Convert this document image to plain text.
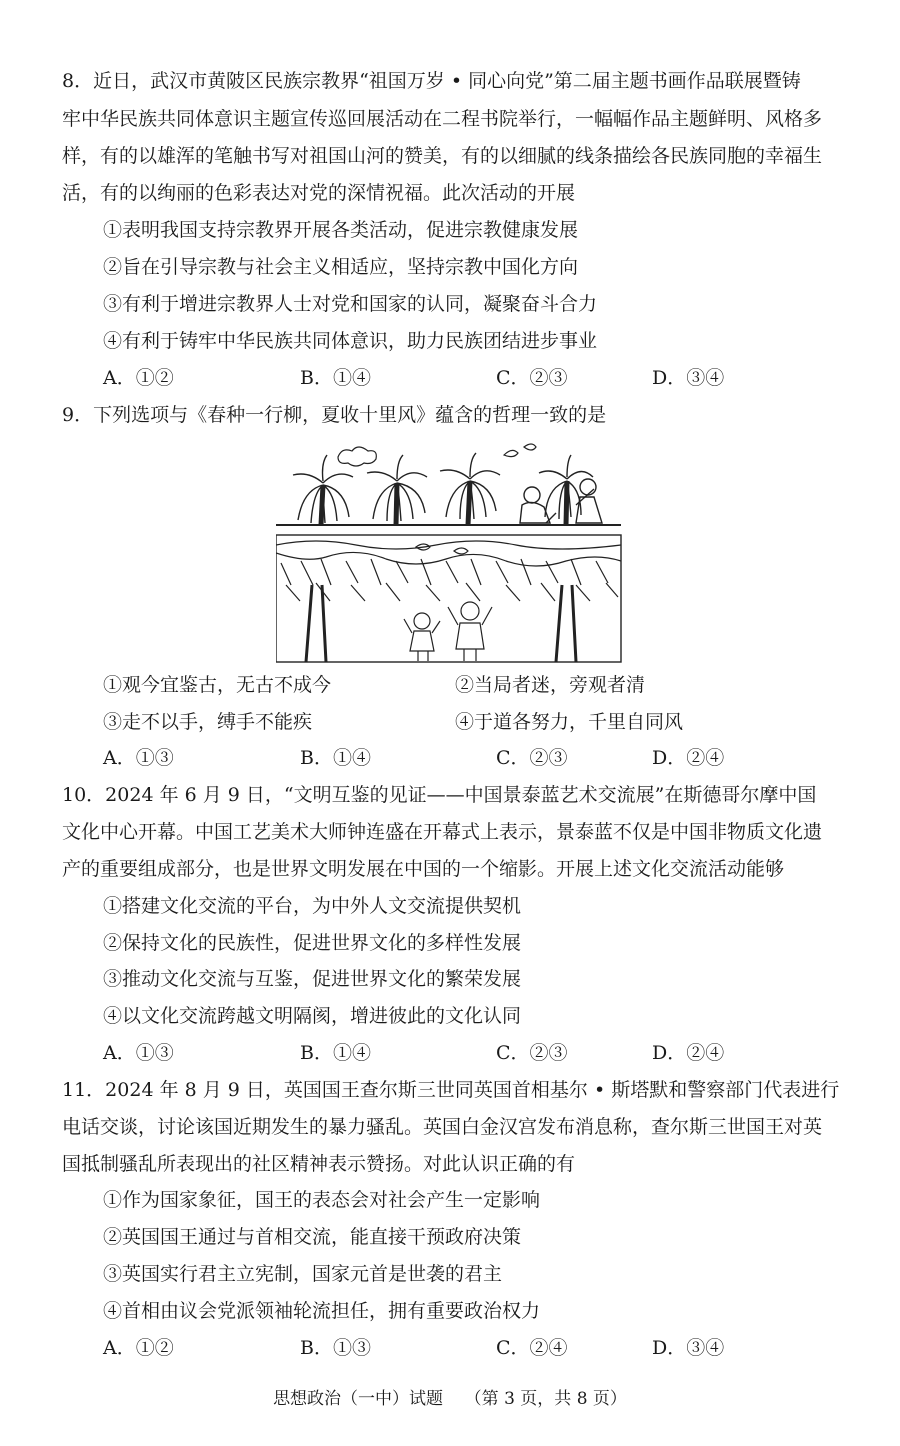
8．近日，武汉市黄陂区民族宗教界“祖国万岁 • 同心向党”第二届主题书画作品联展暨铸
牢中华民族共同体意识主题宣传巡回展活动在二程书院举行，一幅幅作品主题鲜明、风格多
样，有的以雄浑的笔触书写对祖国山河的赞美，有的以细腻的线条描绘各民族同胞的幸福生
活，有的以绚丽的色彩表达对党的深情祝福。此次活动的开展
①表明我国支持宗教界开展各类活动，促进宗教健康发展
②旨在引导宗教与社会主义相适应，坚持宗教中国化方向
③有利于增进宗教界人士对党和国家的认同，凝聚奋斗合力
④有利于铸牢中华民族共同体意识，助力民族团结进步事业
A．①②	B．①④	C．②③	D．③④
9．下列选项与《春种一行柳，夏收十里风》蕴含的哲理一致的是
①观今宜鉴古，无古不成今	②当局者迷，旁观者清
③走不以手，缚手不能疾	④于道各努力，千里自同风
A．①③	B．①④	C．②③	D．②④
10．2024 年 6 月 9 日，“文明互鉴的见证——中国景泰蓝艺术交流展”在斯德哥尔摩中国
文化中心开幕。中国工艺美术大师钟连盛在开幕式上表示，景泰蓝不仅是中国非物质文化遗
产的重要组成部分，也是世界文明发展在中国的一个缩影。开展上述文化交流活动能够
①搭建文化交流的平台，为中外人文交流提供契机
②保持文化的民族性，促进世界文化的多样性发展
③推动文化交流与互鉴，促进世界文化的繁荣发展
④以文化交流跨越文明隔阂，增进彼此的文化认同
A．①③	B．①④	C．②③	D．②④
11．2024 年 8 月 9 日，英国国王查尔斯三世同英国首相基尔 • 斯塔默和警察部门代表进行
电话交谈，讨论该国近期发生的暴力骚乱。英国白金汉宫发布消息称，查尔斯三世国王对英
国抵制骚乱所表现出的社区精神表示赞扬。对此认识正确的有
①作为国家象征，国王的表态会对社会产生一定影响
②英国国王通过与首相交流，能直接干预政府决策
③英国实行君主立宪制，国家元首是世袭的君主
④首相由议会党派领袖轮流担任，拥有重要政治权力
A．①②	B．①③	C．②④	D．③④
思想政治（一中）试题    （第 3 页，共 8 页）
